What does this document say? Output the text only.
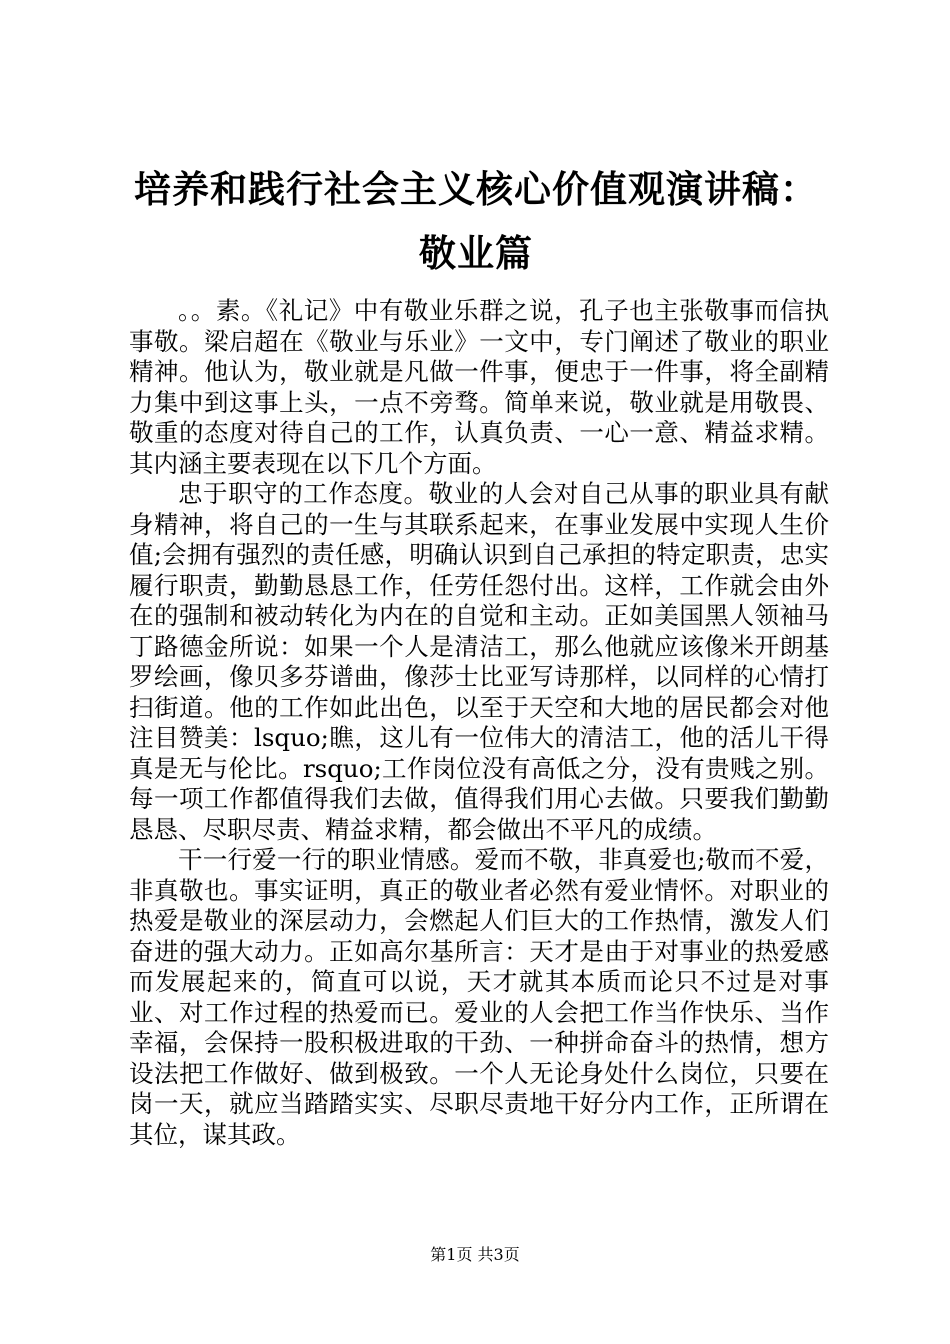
培养和践行社会主义核心价值观演讲稿：敬业篇

。。素。《礼记》中有敬业乐群之说，孔子也主张敬事而信执事敬。梁启超在《敬业与乐业》一文中，专门阐述了敬业的职业精神。他认为，敬业就是凡做一件事，便忠于一件事，将全副精力集中到这事上头，一点不旁骛。简单来说，敬业就是用敬畏、敬重的态度对待自己的工作，认真负责、一心一意、精益求精。其内涵主要表现在以下几个方面。

忠于职守的工作态度。敬业的人会对自己从事的职业具有献身精神，将自己的一生与其联系起来，在事业发展中实现人生价值;会拥有强烈的责任感，明确认识到自己承担的特定职责，忠实履行职责，勤勤恳恳工作，任劳任怨付出。这样，工作就会由外在的强制和被动转化为内在的自觉和主动。正如美国黑人领袖马丁路德金所说：如果一个人是清洁工，那么他就应该像米开朗基罗绘画，像贝多芬谱曲，像莎士比亚写诗那样，以同样的心情打扫街道。他的工作如此出色，以至于天空和大地的居民都会对他注目赞美：lsquo;瞧，这儿有一位伟大的清洁工，他的活儿干得真是无与伦比。rsquo;工作岗位没有高低之分，没有贵贱之别。每一项工作都值得我们去做，值得我们用心去做。只要我们勤勤恳恳、尽职尽责、精益求精，都会做出不平凡的成绩。

干一行爱一行的职业情感。爱而不敬，非真爱也;敬而不爱，非真敬也。事实证明，真正的敬业者必然有爱业情怀。对职业的热爱是敬业的深层动力，会燃起人们巨大的工作热情，激发人们奋进的强大动力。正如高尔基所言：天才是由于对事业的热爱感而发展起来的，简直可以说，天才就其本质而论只不过是对事业、对工作过程的热爱而已。爱业的人会把工作当作快乐、当作幸福，会保持一股积极进取的干劲、一种拼命奋斗的热情，想方设法把工作做好、做到极致。一个人无论身处什么岗位，只要在岗一天，就应当踏踏实实、尽职尽责地干好分内工作，正所谓在其位，谋其政。

第1页 共3页
